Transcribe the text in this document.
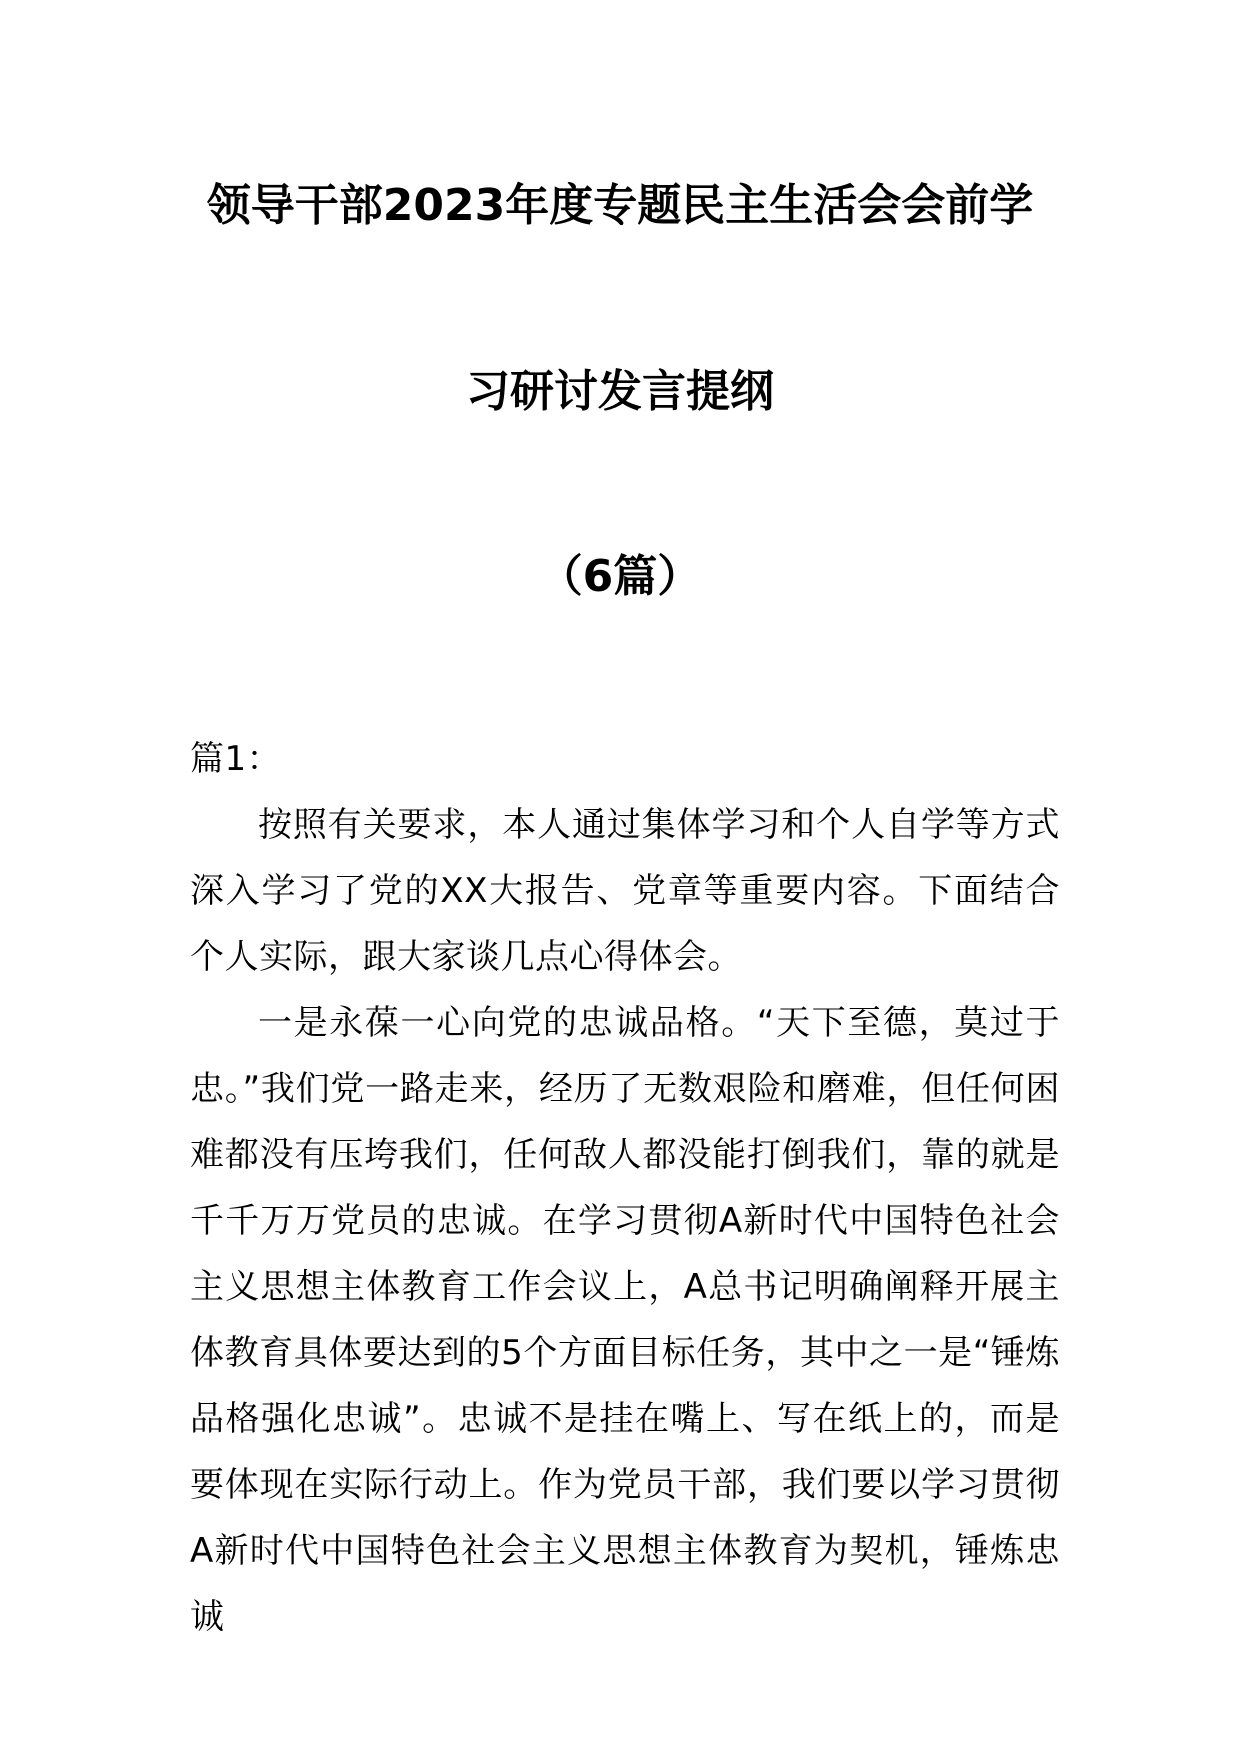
领导干部2023年度专题民主生活会会前学
习研讨发言提纲
（6篇）
篇1：

按照有关要求，本人通过集体学习和个人自学等方式深入学习了党的XX大报告、党章等重要内容。下面结合个人实际，跟大家谈几点心得体会。

一是永葆一心向党的忠诚品格。“天下至德，莫过于忠。”我们党一路走来，经历了无数艰险和磨难，但任何困难都没有压垮我们，任何敌人都没能打倒我们，靠的就是千千万万党员的忠诚。在学习贯彻A新时代中国特色社会主义思想主体教育工作会议上，A总书记明确阐释开展主体教育具体要达到的5个方面目标任务，其中之一是“锤炼品格强化忠诚”。忠诚不是挂在嘴上、写在纸上的，而是要体现在实际行动上。作为党员干部，我们要以学习贯彻A新时代中国特色社会主义思想主体教育为契机，锤炼忠诚
